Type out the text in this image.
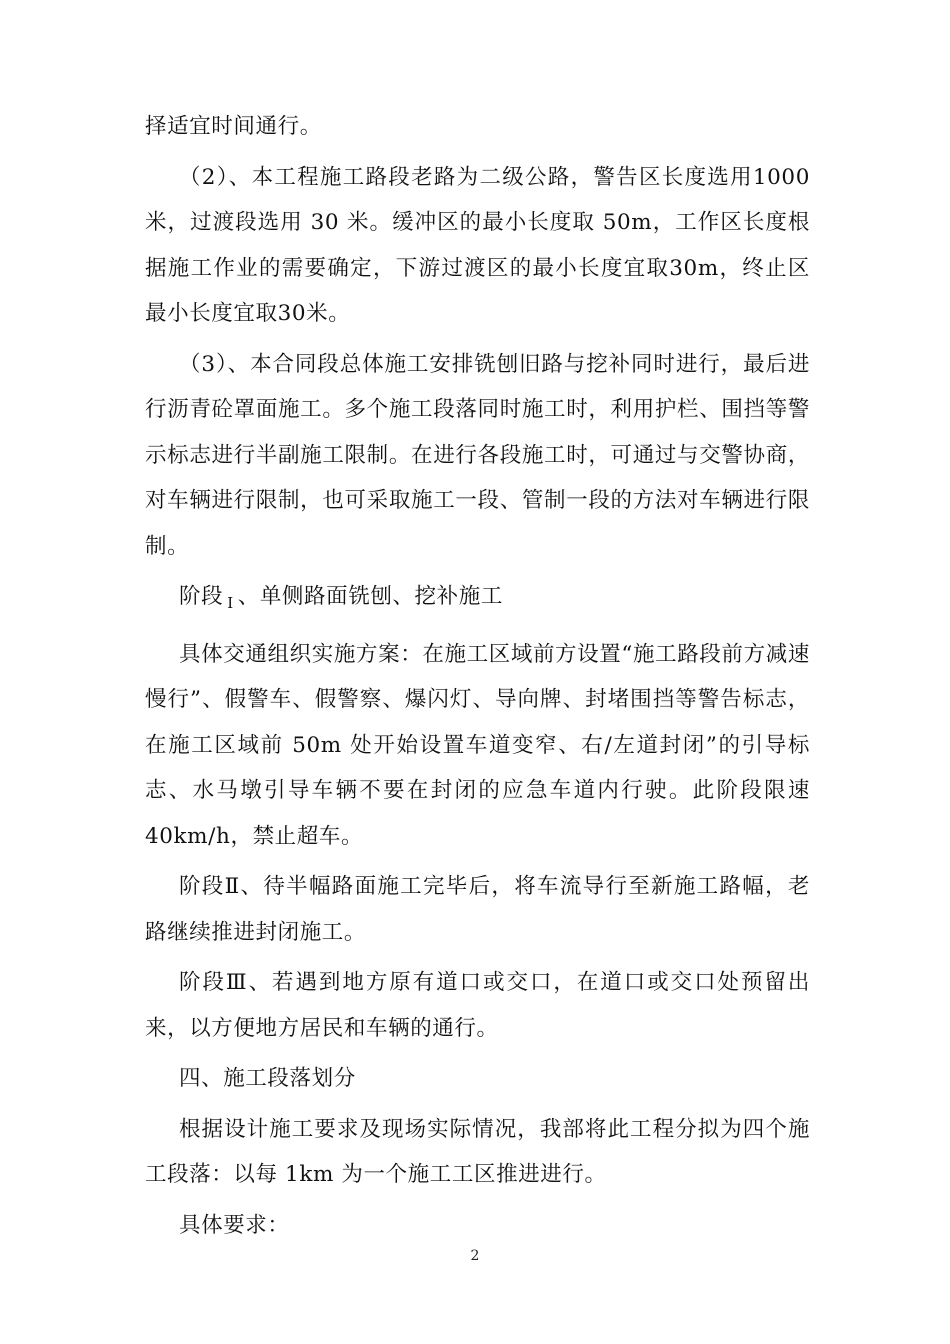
择适宜时间通行。

（2）、本工程施工路段老路为二级公路，警告区长度选用1000米，过渡段选用 30 米。缓冲区的最小长度取 50m，工作区长度根据施工作业的需要确定，下游过渡区的最小长度宜取30m，终止区最小长度宜取30米。

（3）、本合同段总体施工安排铣刨旧路与挖补同时进行，最后进行沥青砼罩面施工。多个施工段落同时施工时，利用护栏、围挡等警示标志进行半副施工限制。在进行各段施工时，可通过与交警协商，对车辆进行限制，也可采取施工一段、管制一段的方法对车辆进行限制。

阶段 $_I$ 、单侧路面铣刨、挖补施工

具体交通组织实施方案：在施工区域前方设置“施工路段前方减速慢行”、假警车、假警察、爆闪灯、导向牌、封堵围挡等警告标志，在施工区域前 50m 处开始设置车道变窄、右/左道封闭”的引导标志、水马墩引导车辆不要在封闭的应急车道内行驶。此阶段限速 40km/h，禁止超车。

阶段Ⅱ、待半幅路面施工完毕后，将车流导行至新施工路幅，老路继续推进封闭施工。

阶段Ⅲ、若遇到地方原有道口或交口，在道口或交口处预留出来，以方便地方居民和车辆的通行。

四、施工段落划分

根据设计施工要求及现场实际情况，我部将此工程分拟为四个施工段落：以每 1km 为一个施工工区推进进行。

具体要求：

2
